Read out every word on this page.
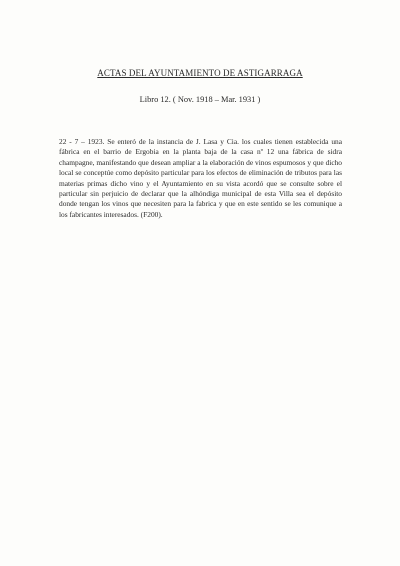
ACTAS DEL AYUNTAMIENTO DE ASTIGARRAGA
Libro 12. ( Nov. 1918 – Mar. 1931 )

22 - 7 – 1923. Se enteró de la instancia de J. Lasa y Cia. los cuales tienen establecida una fábrica en el barrio de Ergobia en la planta baja de la casa nº 12 una fábrica de sidra champagne, manifestando que desean ampliar a la elaboración de vinos espumosos y que dicho local se conceptúe como depósito particular para los efectos de eliminación de tributos para las materias primas dicho vino y el Ayuntamiento en su vista acordó que se consulte sobre el particular sin perjuicio de declarar que la alhóndiga municipal de esta Villa sea el depósito donde tengan los vinos que necesiten para la fabrica y que en este sentido se les comunique a los fabricantes interesados. (F200).
